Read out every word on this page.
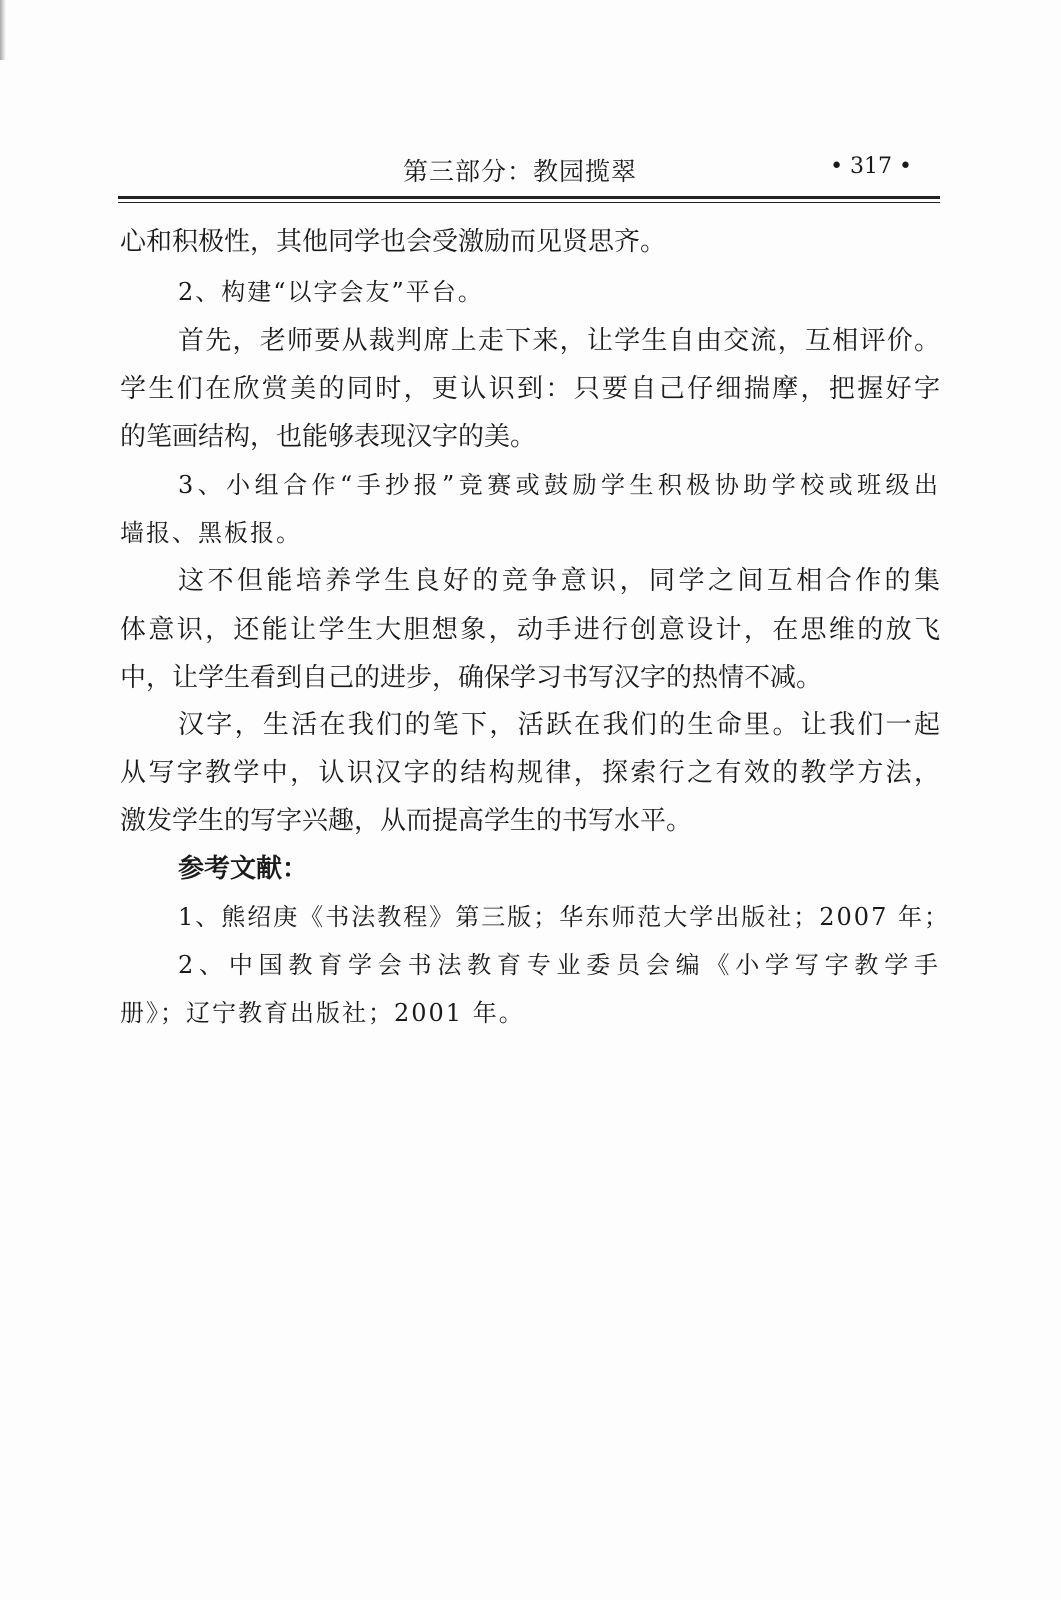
第三部分：教园揽翠	• 317 •
心和积极性，其他同学也会受激励而见贤思齐。
2、构建“以字会友”平台。
首先，老师要从裁判席上走下来，让学生自由交流，互相评价。
学生们在欣赏美的同时，更认识到：只要自己仔细揣摩，把握好字
的笔画结构，也能够表现汉字的美。
3、小组合作“手抄报”竞赛或鼓励学生积极协助学校或班级出
墙报、黑板报。
这不但能培养学生良好的竞争意识，同学之间互相合作的集
体意识，还能让学生大胆想象，动手进行创意设计，在思维的放飞
中，让学生看到自己的进步，确保学习书写汉字的热情不减。
汉字，生活在我们的笔下，活跃在我们的生命里。让我们一起
从写字教学中，认识汉字的结构规律，探索行之有效的教学方法，
激发学生的写字兴趣，从而提高学生的书写水平。
参考文献：
1、熊绍庚《书法教程》第三版；华东师范大学出版社；2007 年；
2、中国教育学会书法教育专业委员会编《小学写字教学手
册》；辽宁教育出版社；2001 年。
